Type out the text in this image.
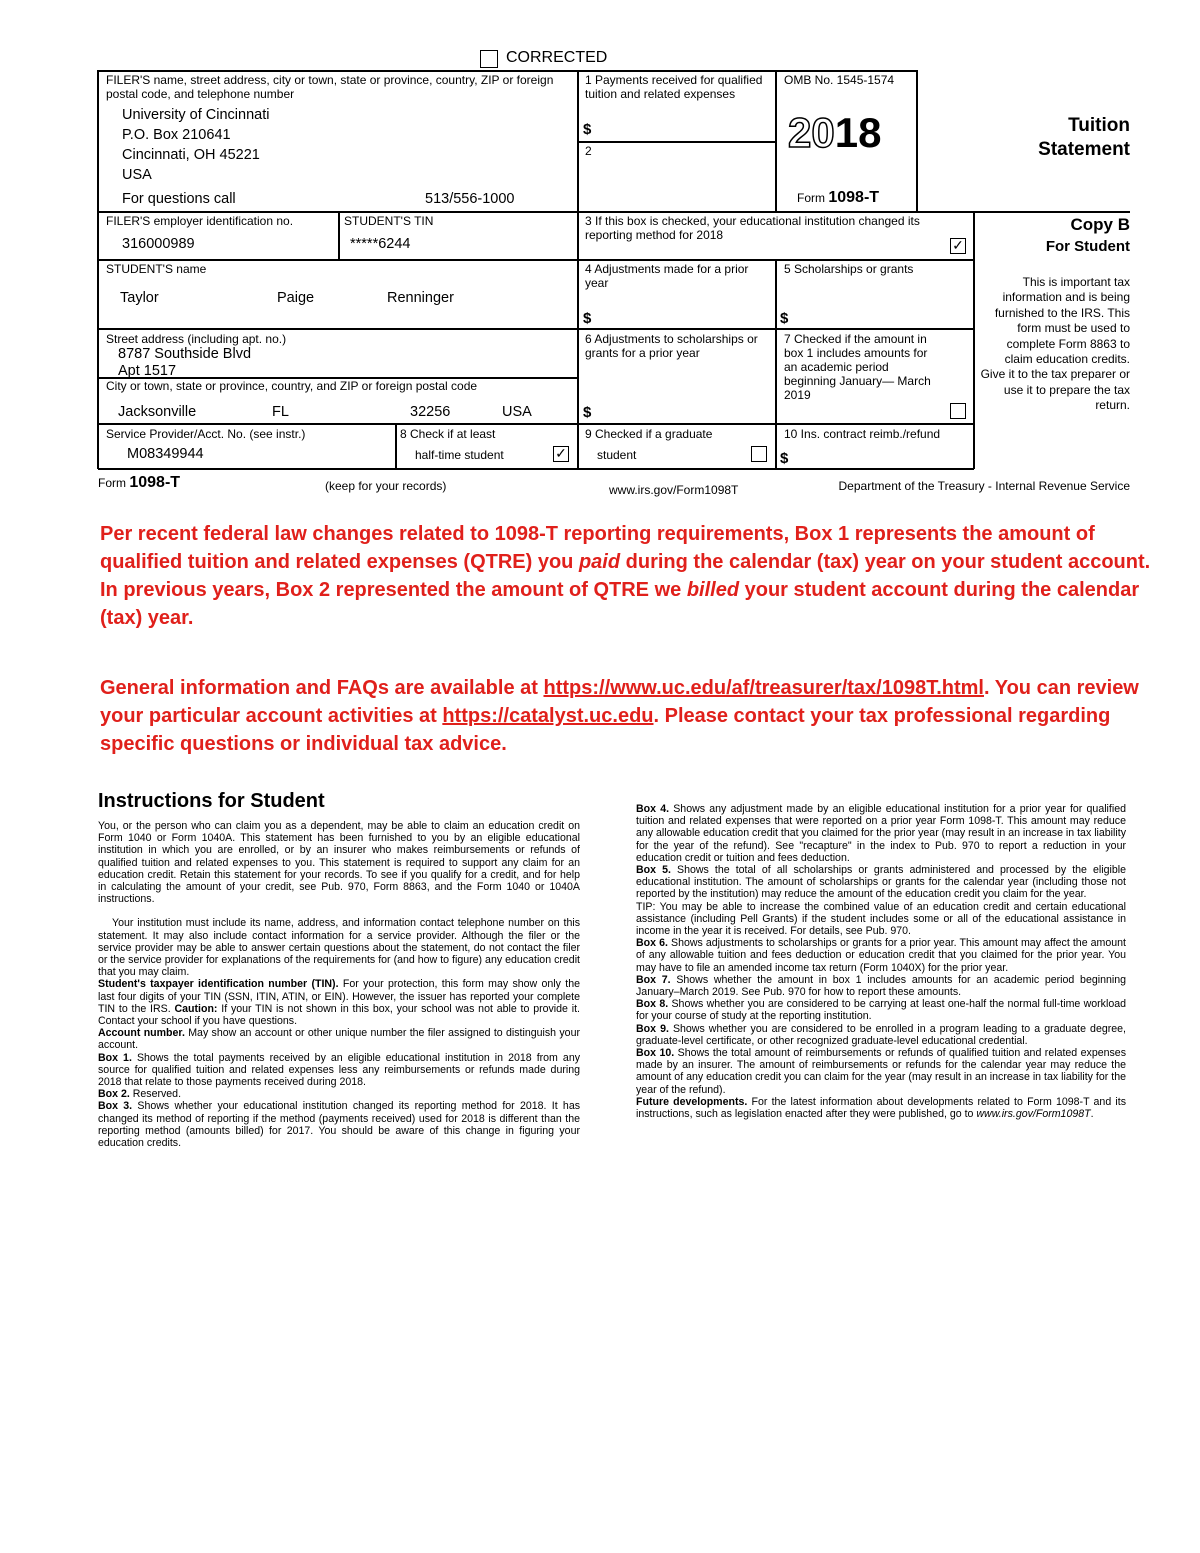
CORRECTED
FILER'S name, street address, city or town, state or province, country, ZIP or foreign postal code, and telephone number
University of Cincinnati
P.O. Box 210641
Cincinnati, OH 45221
USA
For questions call	513/556-1000
1 Payments received for qualified tuition and related expenses
$
2
OMB No. 1545-1574
2018
Form 1098-T
Tuition
Statement
FILER'S employer identification no.
316000989
STUDENT'S TIN
*****6244
3 If this box is checked, your educational institution changed its reporting method for 2018
✓
Copy B
For Student
This is important tax information and is being furnished to the IRS. This form must be used to complete Form 8863 to claim education credits. Give it to the tax preparer or use it to prepare the tax return.
STUDENT'S name
Taylor	Paige	Renninger
4 Adjustments made for a prior year
$
5 Scholarships or grants
$
Street address (including apt. no.)
8787 Southside Blvd
Apt 1517
City or town, state or province, country, and ZIP or foreign postal code
Jacksonville	FL	32256	USA
6 Adjustments to scholarships or grants for a prior year
$
7 Checked if the amount in box 1 includes amounts for an academic period beginning January— March 2019
Service Provider/Acct. No. (see instr.)
M08349944
8 Check if at least
half-time student	✓
9 Checked if a graduate
student
10 Ins. contract reimb./refund
$
Form 1098-T	(keep for your records)	www.irs.gov/Form1098T	Department of the Treasury - Internal Revenue Service
Per recent federal law changes related to 1098-T reporting requirements, Box 1 represents the amount of qualified tuition and related expenses (QTRE) you paid during the calendar (tax) year on your student account. In previous years, Box 2 represented the amount of QTRE we billed your student account during the calendar (tax) year.
General information and FAQs are available at https://www.uc.edu/af/treasurer/tax/1098T.html. You can review your particular account activities at https://catalyst.uc.edu. Please contact your tax professional regarding specific questions or individual tax advice.
Instructions for Student

You, or the person who can claim you as a dependent, may be able to claim an education credit on Form 1040 or Form 1040A. This statement has been furnished to you by an eligible educational institution in which you are enrolled, or by an insurer who makes reimbursements or refunds of qualified tuition and related expenses to you. This statement is required to support any claim for an education credit. Retain this statement for your records. To see if you qualify for a credit, and for help in calculating the amount of your credit, see Pub. 970, Form 8863, and the Form 1040 or 1040A instructions.

Your institution must include its name, address, and information contact telephone number on this statement. It may also include contact information for a service provider. Although the filer or the service provider may be able to answer certain questions about the statement, do not contact the filer or the service provider for explanations of the requirements for (and how to figure) any education credit that you may claim.

Student's taxpayer identification number (TIN). For your protection, this form may show only the last four digits of your TIN (SSN, ITIN, ATIN, or EIN). However, the issuer has reported your complete TIN to the IRS. Caution: If your TIN is not shown in this box, your school was not able to provide it. Contact your school if you have questions.

Account number. May show an account or other unique number the filer assigned to distinguish your account.

Box 1. Shows the total payments received by an eligible educational institution in 2018 from any source for qualified tuition and related expenses less any reimbursements or refunds made during 2018 that relate to those payments received during 2018.

Box 2. Reserved.

Box 3. Shows whether your educational institution changed its reporting method for 2018. It has changed its method of reporting if the method (payments received) used for 2018 is different than the reporting method (amounts billed) for 2017. You should be aware of this change in figuring your education credits.

Box 4. Shows any adjustment made by an eligible educational institution for a prior year for qualified tuition and related expenses that were reported on a prior year Form 1098-T. This amount may reduce any allowable education credit that you claimed for the prior year (may result in an increase in tax liability for the year of the refund). See "recapture" in the index to Pub. 970 to report a reduction in your education credit or tuition and fees deduction.

Box 5. Shows the total of all scholarships or grants administered and processed by the eligible educational institution. The amount of scholarships or grants for the calendar year (including those not reported by the institution) may reduce the amount of the education credit you claim for the year.

TIP: You may be able to increase the combined value of an education credit and certain educational assistance (including Pell Grants) if the student includes some or all of the educational assistance in income in the year it is received. For details, see Pub. 970.

Box 6. Shows adjustments to scholarships or grants for a prior year. This amount may affect the amount of any allowable tuition and fees deduction or education credit that you claimed for the prior year. You may have to file an amended income tax return (Form 1040X) for the prior year.

Box 7. Shows whether the amount in box 1 includes amounts for an academic period beginning January–March 2019. See Pub. 970 for how to report these amounts.

Box 8. Shows whether you are considered to be carrying at least one-half the normal full-time workload for your course of study at the reporting institution.

Box 9. Shows whether you are considered to be enrolled in a program leading to a graduate degree, graduate-level certificate, or other recognized graduate-level educational credential.

Box 10. Shows the total amount of reimbursements or refunds of qualified tuition and related expenses made by an insurer. The amount of reimbursements or refunds for the calendar year may reduce the amount of any education credit you can claim for the year (may result in an increase in tax liability for the year of the refund).

Future developments. For the latest information about developments related to Form 1098-T and its instructions, such as legislation enacted after they were published, go to www.irs.gov/Form1098T.
